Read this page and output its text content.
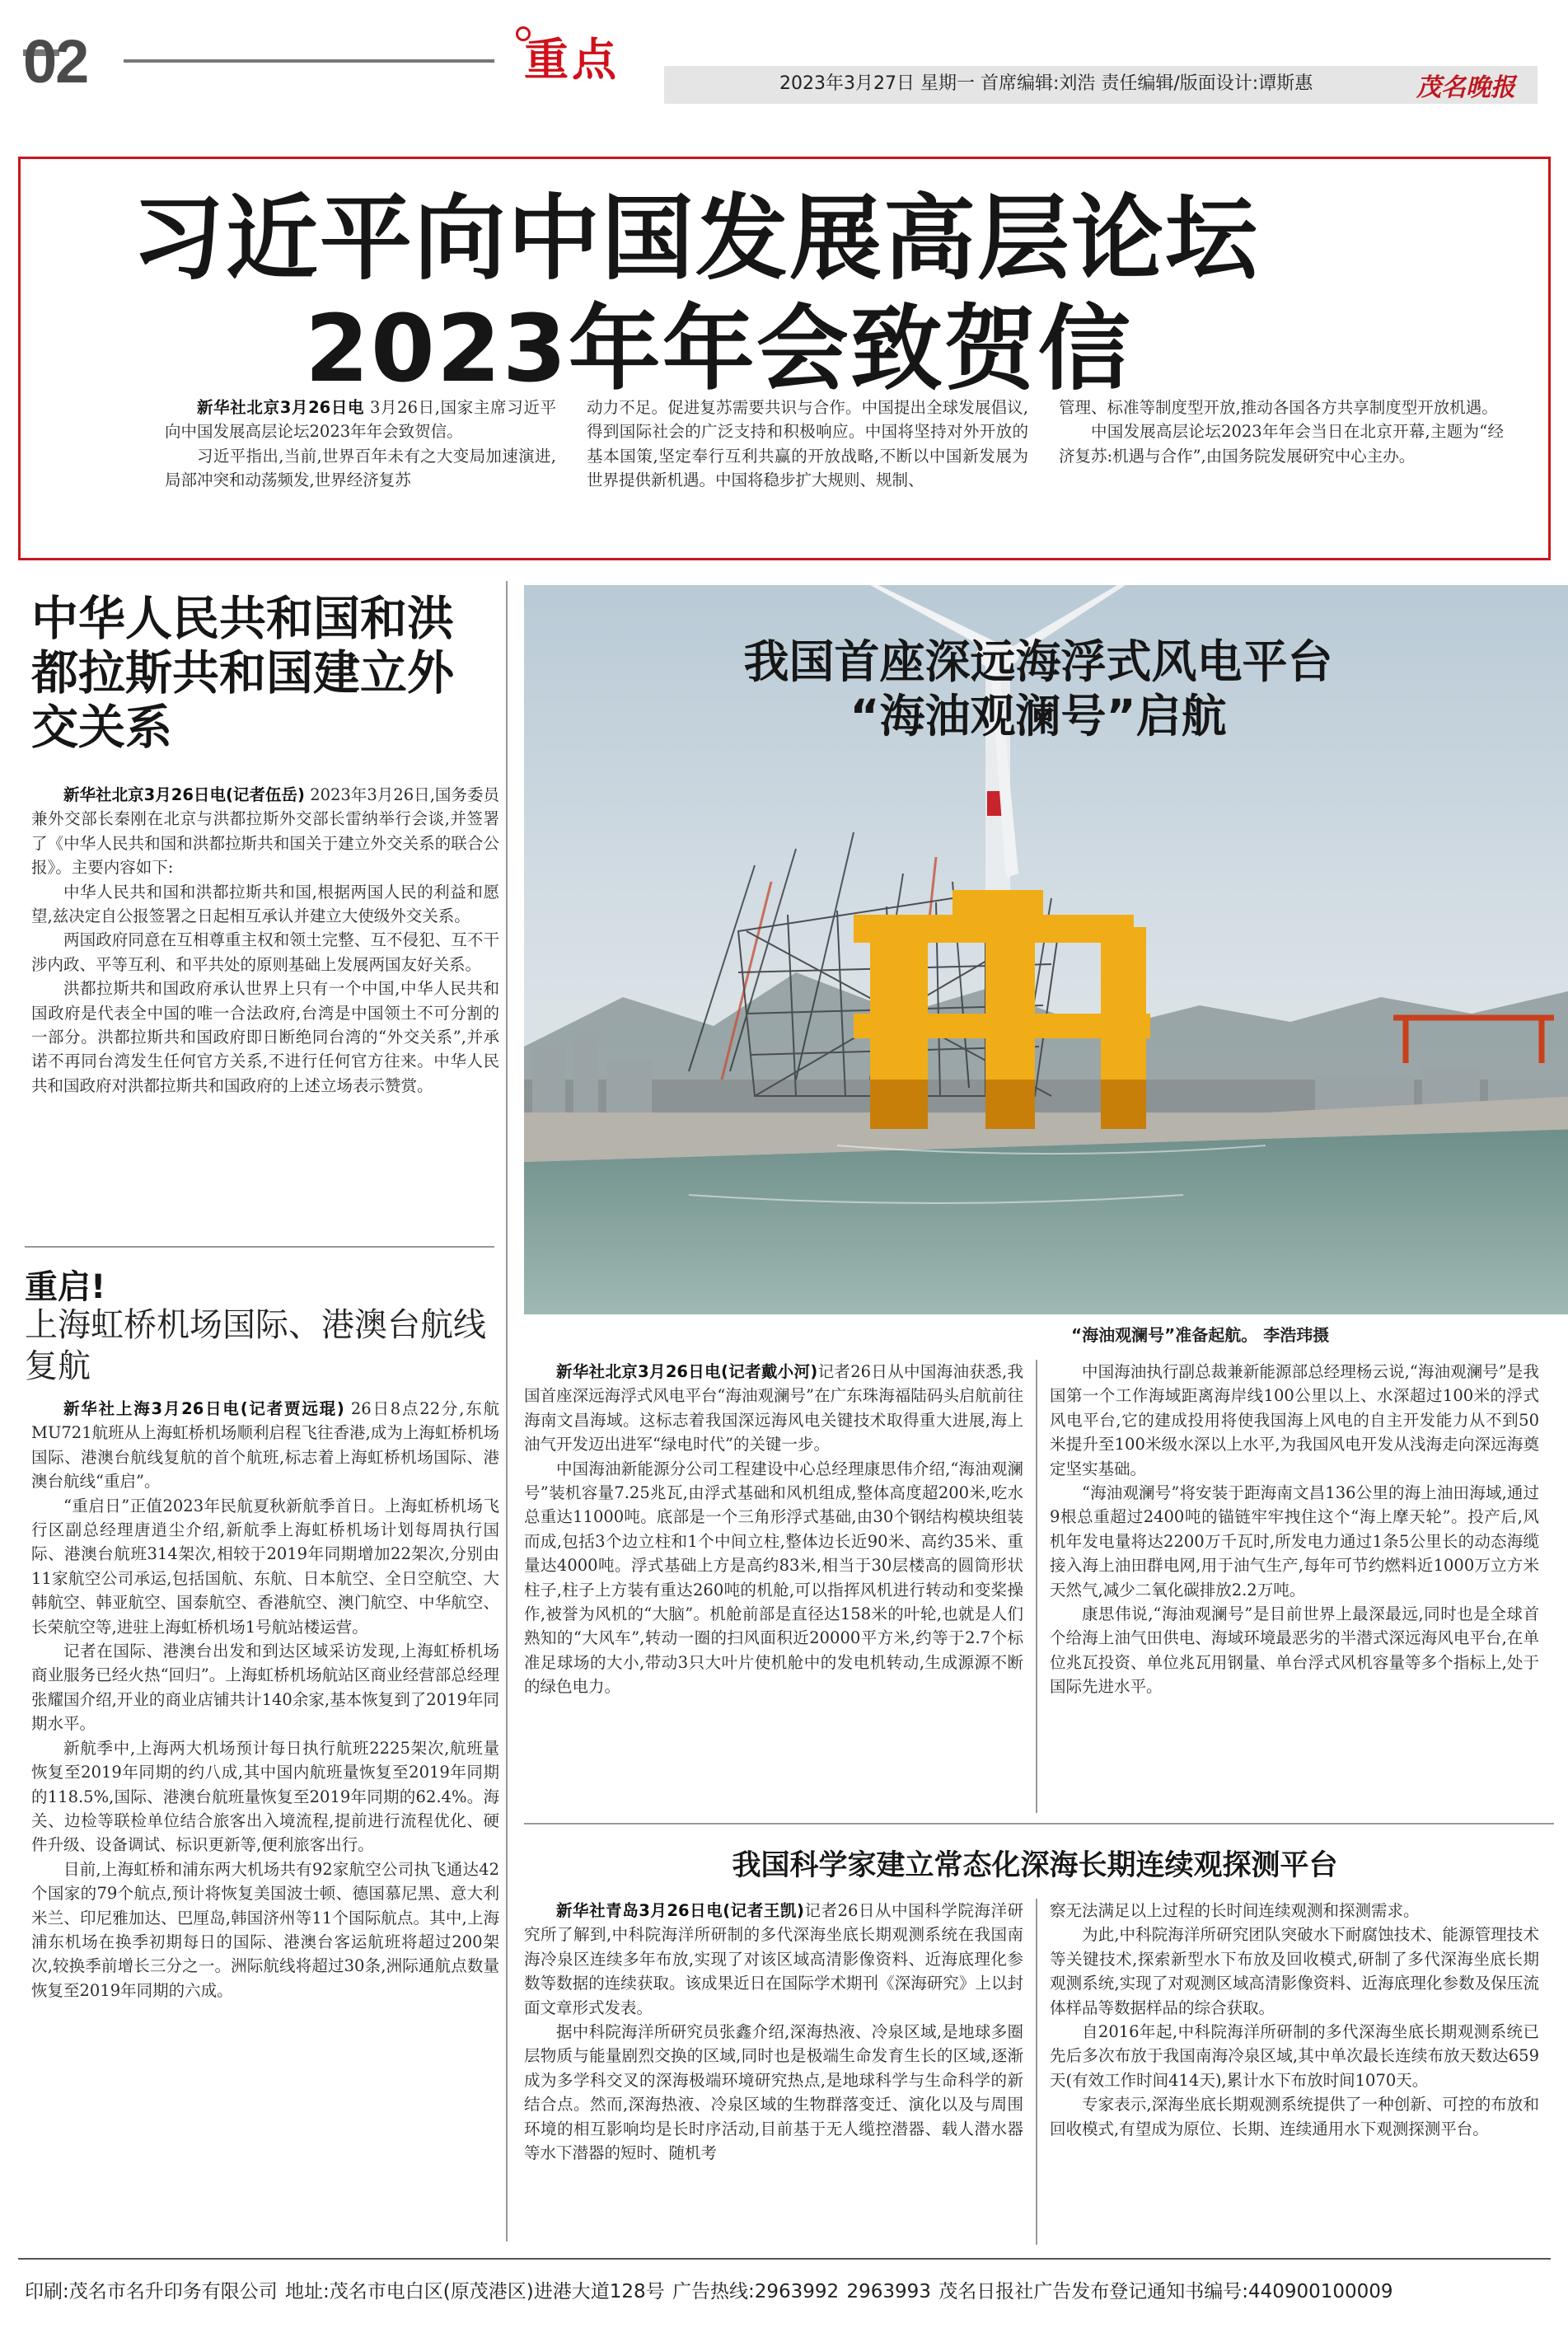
02	重点	2023年3月27日 星期一 首席编辑:刘浩 责任编辑/版面设计:谭斯惠	茂名晚报
习近平向中国发展高层论坛
2023年年会致贺信

新华社北京3月26日电 3月26日,国家主席习近平向中国发展高层论坛2023年年会致贺信。

习近平指出,当前,世界百年未有之大变局加速演进,局部冲突和动荡频发,世界经济复苏

动力不足。促进复苏需要共识与合作。中国提出全球发展倡议,得到国际社会的广泛支持和积极响应。中国将坚持对外开放的基本国策,坚定奉行互利共赢的开放战略,不断以中国新发展为世界提供新机遇。中国将稳步扩大规则、规制、

管理、标准等制度型开放,推动各国各方共享制度型开放机遇。

中国发展高层论坛2023年年会当日在北京开幕,主题为“经济复苏:机遇与合作”,由国务院发展研究中心主办。

中华人民共和国和洪都拉斯共和国建立外交关系

新华社北京3月26日电(记者伍岳) 2023年3月26日,国务委员兼外交部长秦刚在北京与洪都拉斯外交部长雷纳举行会谈,并签署了《中华人民共和国和洪都拉斯共和国关于建立外交关系的联合公报》。主要内容如下:

中华人民共和国和洪都拉斯共和国,根据两国人民的利益和愿望,兹决定自公报签署之日起相互承认并建立大使级外交关系。

两国政府同意在互相尊重主权和领土完整、互不侵犯、互不干涉内政、平等互利、和平共处的原则基础上发展两国友好关系。

洪都拉斯共和国政府承认世界上只有一个中国,中华人民共和国政府是代表全中国的唯一合法政府,台湾是中国领土不可分割的一部分。洪都拉斯共和国政府即日断绝同台湾的“外交关系”,并承诺不再同台湾发生任何官方关系,不进行任何官方往来。中华人民共和国政府对洪都拉斯共和国政府的上述立场表示赞赏。

重启!
上海虹桥机场国际、港澳台航线复航

新华社上海3月26日电(记者贾远琨) 26日8点22分,东航MU721航班从上海虹桥机场顺利启程飞往香港,成为上海虹桥机场国际、港澳台航线复航的首个航班,标志着上海虹桥机场国际、港澳台航线“重启”。

“重启日”正值2023年民航夏秋新航季首日。上海虹桥机场飞行区副总经理唐逍尘介绍,新航季上海虹桥机场计划每周执行国际、港澳台航班314架次,相较于2019年同期增加22架次,分别由11家航空公司承运,包括国航、东航、日本航空、全日空航空、大韩航空、韩亚航空、国泰航空、香港航空、澳门航空、中华航空、长荣航空等,进驻上海虹桥机场1号航站楼运营。

记者在国际、港澳台出发和到达区域采访发现,上海虹桥机场商业服务已经火热“回归”。上海虹桥机场航站区商业经营部总经理张耀国介绍,开业的商业店铺共计140余家,基本恢复到了2019年同期水平。

新航季中,上海两大机场预计每日执行航班2225架次,航班量恢复至2019年同期的约八成,其中国内航班量恢复至2019年同期的118.5%,国际、港澳台航班量恢复至2019年同期的62.4%。海关、边检等联检单位结合旅客出入境流程,提前进行流程优化、硬件升级、设备调试、标识更新等,便利旅客出行。

目前,上海虹桥和浦东两大机场共有92家航空公司执飞通达42个国家的79个航点,预计将恢复美国波士顿、德国慕尼黑、意大利米兰、印尼雅加达、巴厘岛,韩国济州等11个国际航点。其中,上海浦东机场在换季初期每日的国际、港澳台客运航班将超过200架次,较换季前增长三分之一。洲际航线将超过30条,洲际通航点数量恢复至2019年同期的六成。

我国首座深远海浮式风电平台
“海油观澜号”启航
“海油观澜号”准备起航。 李浩玮摄

新华社北京3月26日电(记者戴小河)记者26日从中国海油获悉,我国首座深远海浮式风电平台“海油观澜号”在广东珠海福陆码头启航前往海南文昌海域。这标志着我国深远海风电关键技术取得重大进展,海上油气开发迈出进军“绿电时代”的关键一步。

中国海油新能源分公司工程建设中心总经理康思伟介绍,“海油观澜号”装机容量7.25兆瓦,由浮式基础和风机组成,整体高度超200米,吃水总重达11000吨。底部是一个三角形浮式基础,由30个钢结构模块组装而成,包括3个边立柱和1个中间立柱,整体边长近90米、高约35米、重量达4000吨。浮式基础上方是高约83米,相当于30层楼高的圆筒形状柱子,柱子上方装有重达260吨的机舱,可以指挥风机进行转动和变桨操作,被誉为风机的“大脑”。机舱前部是直径达158米的叶轮,也就是人们熟知的“大风车”,转动一圈的扫风面积近20000平方米,约等于2.7个标准足球场的大小,带动3只大叶片使机舱中的发电机转动,生成源源不断的绿色电力。

中国海油执行副总裁兼新能源部总经理杨云说,“海油观澜号”是我国第一个工作海域距离海岸线100公里以上、水深超过100米的浮式风电平台,它的建成投用将使我国海上风电的自主开发能力从不到50米提升至100米级水深以上水平,为我国风电开发从浅海走向深远海奠定坚实基础。

“海油观澜号”将安装于距海南文昌136公里的海上油田海域,通过9根总重超过2400吨的锚链牢牢拽住这个“海上摩天轮”。投产后,风机年发电量将达2200万千瓦时,所发电力通过1条5公里长的动态海缆接入海上油田群电网,用于油气生产,每年可节约燃料近1000万立方米天然气,减少二氧化碳排放2.2万吨。

康思伟说,“海油观澜号”是目前世界上最深最远,同时也是全球首个给海上油气田供电、海域环境最恶劣的半潜式深远海风电平台,在单位兆瓦投资、单位兆瓦用钢量、单台浮式风机容量等多个指标上,处于国际先进水平。

我国科学家建立常态化深海长期连续观探测平台

新华社青岛3月26日电(记者王凯)记者26日从中国科学院海洋研究所了解到,中科院海洋所研制的多代深海坐底长期观测系统在我国南海冷泉区连续多年布放,实现了对该区域高清影像资料、近海底理化参数等数据的连续获取。该成果近日在国际学术期刊《深海研究》上以封面文章形式发表。

据中科院海洋所研究员张鑫介绍,深海热液、冷泉区域,是地球多圈层物质与能量剧烈交换的区域,同时也是极端生命发育生长的区域,逐渐成为多学科交叉的深海极端环境研究热点,是地球科学与生命科学的新结合点。然而,深海热液、冷泉区域的生物群落变迁、演化以及与周围环境的相互影响均是长时序活动,目前基于无人缆控潜器、载人潜水器等水下潜器的短时、随机考

察无法满足以上过程的长时间连续观测和探测需求。

为此,中科院海洋所研究团队突破水下耐腐蚀技术、能源管理技术等关键技术,探索新型水下布放及回收模式,研制了多代深海坐底长期观测系统,实现了对观测区域高清影像资料、近海底理化参数及保压流体样品等数据样品的综合获取。

自2016年起,中科院海洋所研制的多代深海坐底长期观测系统已先后多次布放于我国南海冷泉区域,其中单次最长连续布放天数达659天(有效工作时间414天),累计水下布放时间1070天。

专家表示,深海坐底长期观测系统提供了一种创新、可控的布放和回收模式,有望成为原位、长期、连续通用水下观测探测平台。

印刷:茂名市名升印务有限公司 地址:茂名市电白区(原茂港区)进港大道128号 广告热线:2963992 2963993 茂名日报社广告发布登记通知书编号:440900100009
